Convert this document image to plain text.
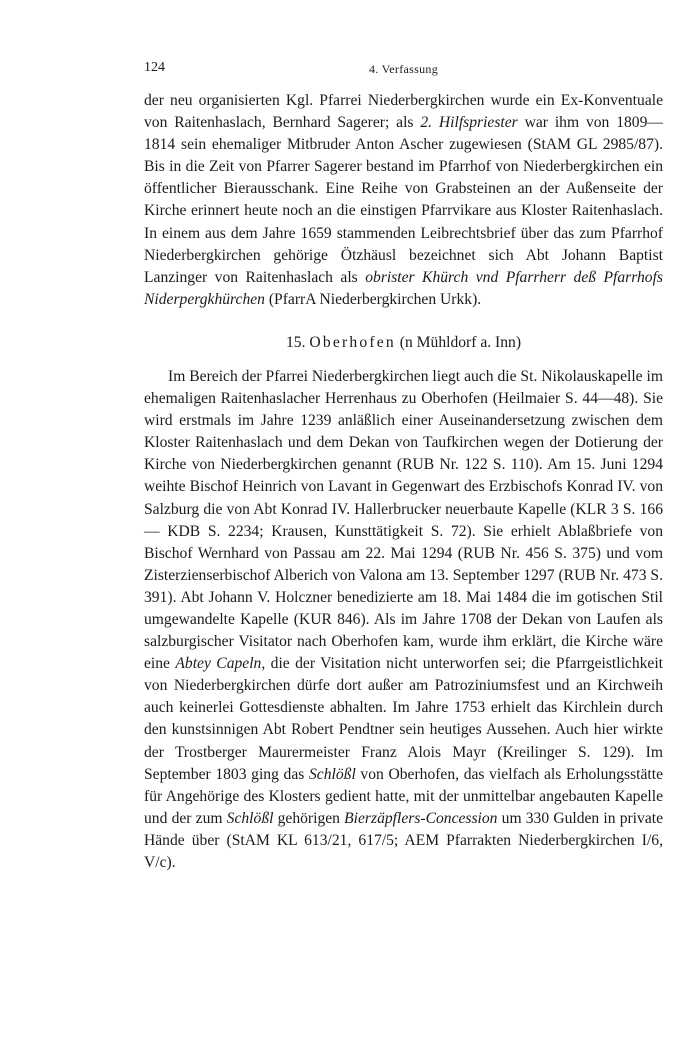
124	4. Verfassung

der neu organisierten Kgl. Pfarrei Niederbergkirchen wurde ein Ex-Konventuale von Raitenhaslach, Bernhard Sagerer; als 2. Hilfspriester war ihm von 1809—1814 sein ehemaliger Mitbruder Anton Ascher zugewiesen (StAM GL 2985/87). Bis in die Zeit von Pfarrer Sagerer bestand im Pfarrhof von Niederbergkirchen ein öffentlicher Bierausschank. Eine Reihe von Grabsteinen an der Außenseite der Kirche erinnert heute noch an die einstigen Pfarrvikare aus Kloster Raitenhaslach. In einem aus dem Jahre 1659 stammenden Leibrechtsbrief über das zum Pfarrhof Niederbergkirchen gehörige Ötzhäusl bezeichnet sich Abt Johann Baptist Lanzinger von Raitenhaslach als obrister Khürch vnd Pfarrherr deß Pfarrhofs Niderpergkhürchen (PfarrA Niederbergkirchen Urkk).

15. Oberhofen (n Mühldorf a. Inn)

Im Bereich der Pfarrei Niederbergkirchen liegt auch die St. Nikolauskapelle im ehemaligen Raitenhaslacher Herrenhaus zu Oberhofen (Heilmaier S. 44—48). Sie wird erstmals im Jahre 1239 anläßlich einer Auseinandersetzung zwischen dem Kloster Raitenhaslach und dem Dekan von Taufkirchen wegen der Dotierung der Kirche von Niederbergkirchen genannt (RUB Nr. 122 S. 110). Am 15. Juni 1294 weihte Bischof Heinrich von Lavant in Gegenwart des Erzbischofs Konrad IV. von Salzburg die von Abt Konrad IV. Hallerbrucker neuerbaute Kapelle (KLR 3 S. 166 — KDB S. 2234; Krausen, Kunsttätigkeit S. 72). Sie erhielt Ablaßbriefe von Bischof Wernhard von Passau am 22. Mai 1294 (RUB Nr. 456 S. 375) und vom Zisterzienserbischof Alberich von Valona am 13. September 1297 (RUB Nr. 473 S. 391). Abt Johann V. Holczner benedizierte am 18. Mai 1484 die im gotischen Stil umgewandelte Kapelle (KUR 846). Als im Jahre 1708 der Dekan von Laufen als salzburgischer Visitator nach Oberhofen kam, wurde ihm erklärt, die Kirche wäre eine Abtey Capeln, die der Visitation nicht unterworfen sei; die Pfarrgeistlichkeit von Niederbergkirchen dürfe dort außer am Patroziniumsfest und an Kirchweih auch keinerlei Gottesdienste abhalten. Im Jahre 1753 erhielt das Kirchlein durch den kunstsinnigen Abt Robert Pendtner sein heutiges Aussehen. Auch hier wirkte der Trostberger Maurermeister Franz Alois Mayr (Kreilinger S. 129). Im September 1803 ging das Schlößl von Oberhofen, das vielfach als Erholungsstätte für Angehörige des Klosters gedient hatte, mit der unmittelbar angebauten Kapelle und der zum Schlößl gehörigen Bierzäpflers-Concession um 330 Gulden in private Hände über (StAM KL 613/21, 617/5; AEM Pfarrakten Niederbergkirchen I/6, V/c).
